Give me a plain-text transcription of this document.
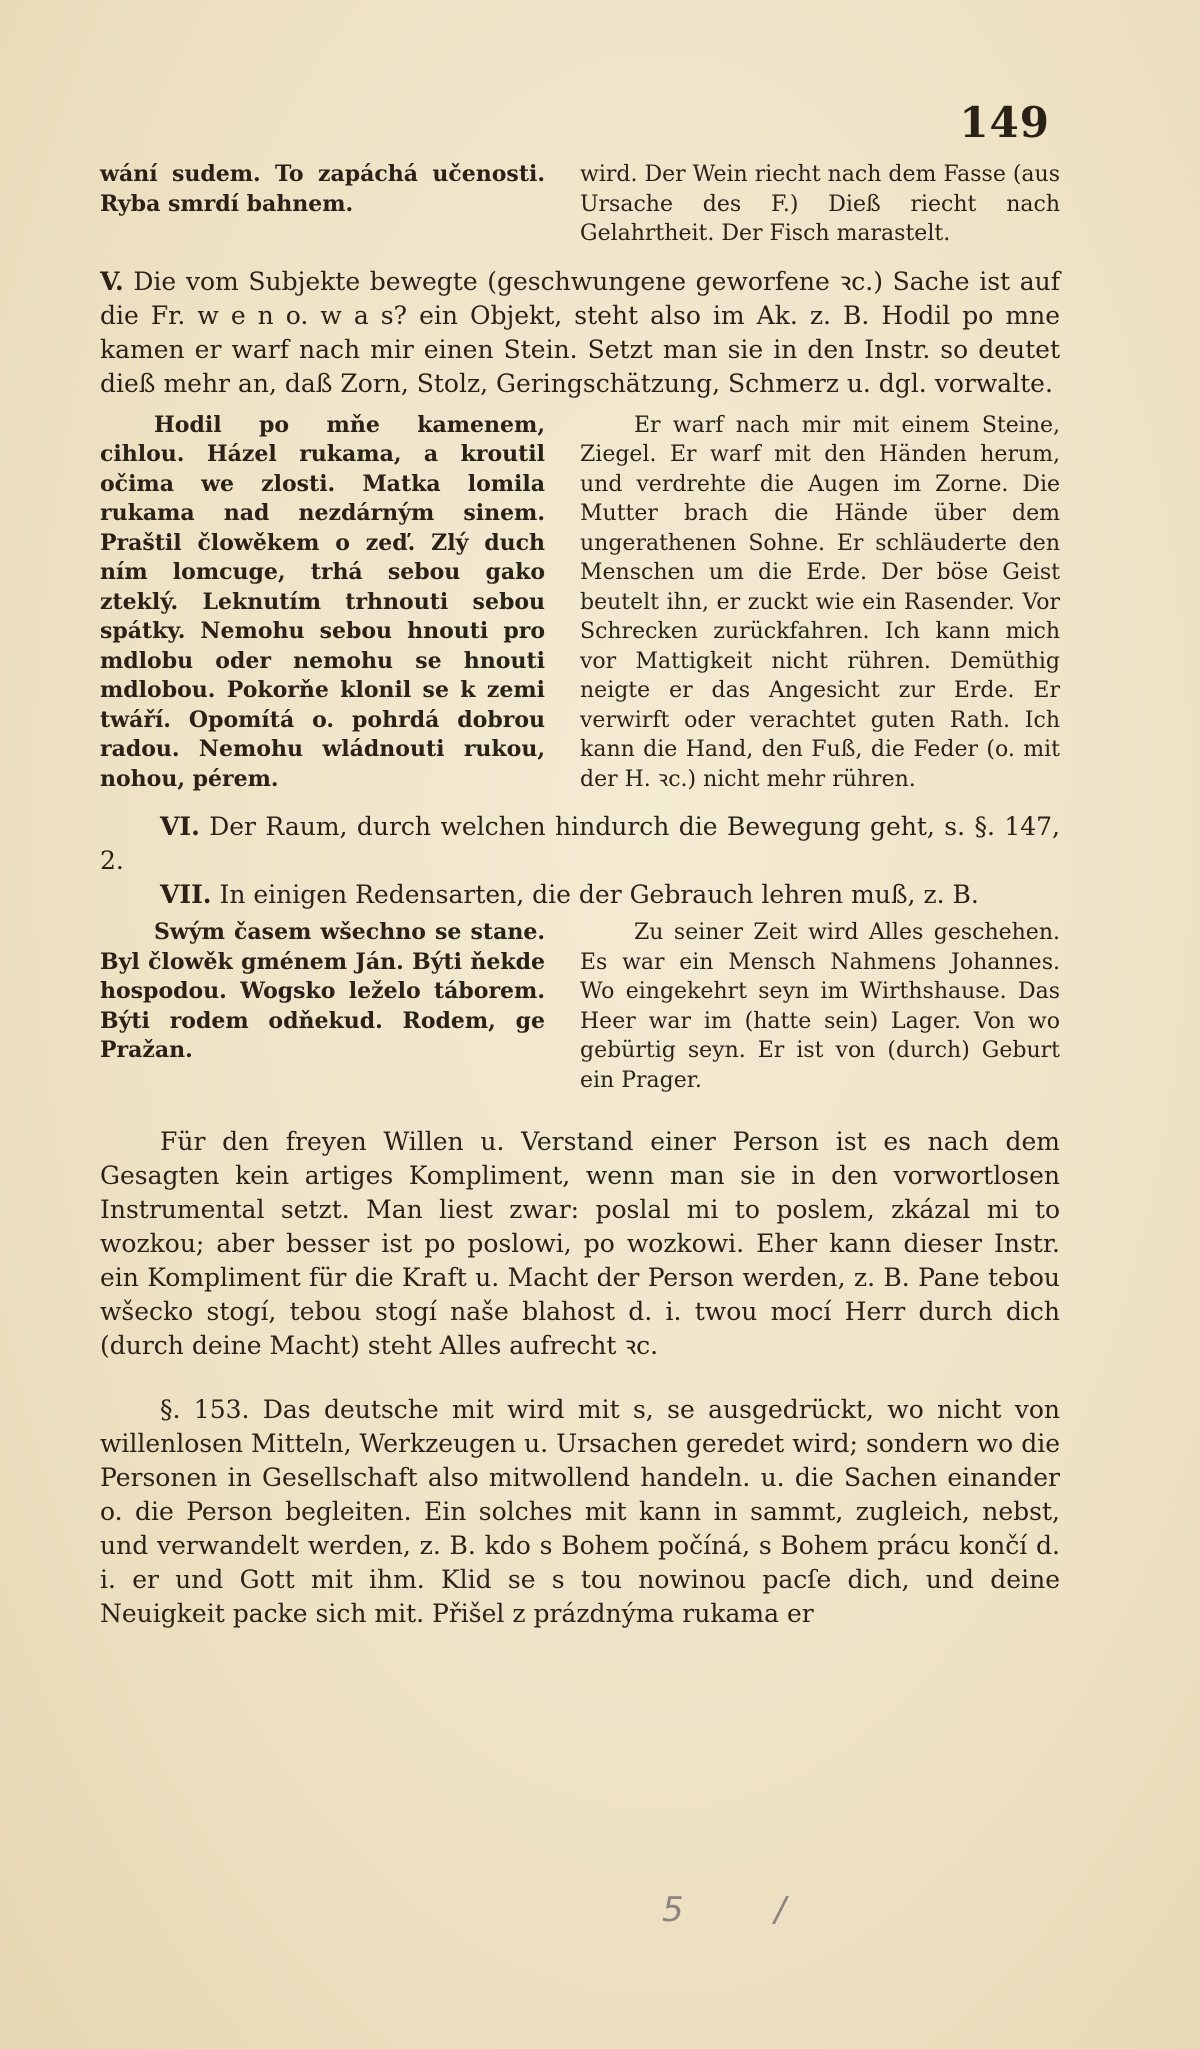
149

wání sudem. To zapáchá učenosti. Ryba smrdí bahnem.

wird. Der Wein riecht nach dem Fasse (aus Ursache des F.) Dieß riecht nach Gelahrtheit. Der Fisch marastelt.

V. Die vom Subjekte bewegte (geschwungene geworfene ꝛc.) Sache ist auf die Fr. w e n o. w a s? ein Objekt, steht also im Ak. z. B. Hodil po mne kamen er warf nach mir einen Stein. Setzt man sie in den Instr. so deutet dieß mehr an, daß Zorn, Stolz, Geringschätzung, Schmerz u. dgl. vorwalte.

Hodil po mňe kamenem, cihlou. Házel rukama, a kroutil očima we zlosti. Matka lomila rukama nad nezdárným sinem. Praštil člowěkem o zeď. Zlý duch ním lomcuge, trhá sebou gako zteklý. Leknutím trhnouti sebou spátky. Nemohu sebou hnouti pro mdlobu oder nemohu se hnouti mdlobou. Pokorňe klonil se k zemi twáří. Opomítá o. pohrdá dobrou radou. Nemohu wládnouti rukou, nohou, pérem.

Er warf nach mir mit einem Steine, Ziegel. Er warf mit den Händen herum, und verdrehte die Augen im Zorne. Die Mutter brach die Hände über dem ungerathenen Sohne. Er schläuderte den Menschen um die Erde. Der böse Geist beutelt ihn, er zuckt wie ein Rasender. Vor Schrecken zurückfahren. Ich kann mich vor Mattigkeit nicht rühren. Demüthig neigte er das Angesicht zur Erde. Er verwirft oder verachtet guten Rath. Ich kann die Hand, den Fuß, die Feder (o. mit der H. ꝛc.) nicht mehr rühren.

VI. Der Raum, durch welchen hindurch die Bewegung geht, s. §. 147, 2.

VII. In einigen Redensarten, die der Gebrauch lehren muß, z. B.

Swým časem wšechno se stane. Byl člowěk gménem Ján. Býti ňekde hospodou. Wogsko leželo táborem. Býti rodem odňekud. Rodem, ge Pražan.

Zu seiner Zeit wird Alles geschehen. Es war ein Mensch Nahmens Johannes. Wo eingekehrt seyn im Wirthshause. Das Heer war im (hatte sein) Lager. Von wo gebürtig seyn. Er ist von (durch) Geburt ein Prager.

Für den freyen Willen u. Verstand einer Person ist es nach dem Gesagten kein artiges Kompliment, wenn man sie in den vorwortlosen Instrumental setzt. Man liest zwar: poslal mi to poslem, zkázal mi to wozkou; aber besser ist po poslowi, po wozkowi. Eher kann dieser Instr. ein Kompliment für die Kraft u. Macht der Person werden, z. B. Pane tebou wšecko stogí, tebou stogí naše blahost d. i. twou mocí Herr durch dich (durch deine Macht) steht Alles aufrecht ꝛc.

§. 153. Das deutsche mit wird mit s, se ausgedrückt, wo nicht von willenlosen Mitteln, Werkzeugen u. Ursachen geredet wird; sondern wo die Personen in Gesellschaft also mitwollend handeln. u. die Sachen einander o. die Person begleiten. Ein solches mit kann in sammt, zugleich, nebst, und verwandelt werden, z. B. kdo s Bohem počíná, s Bohem prácu končí d. i. er und Gott mit ihm. Klid se s tou nowinou pacſe dich, und deine Neuigkeit packe sich mit. Přišel z prázdnýma rukama er

5 /
